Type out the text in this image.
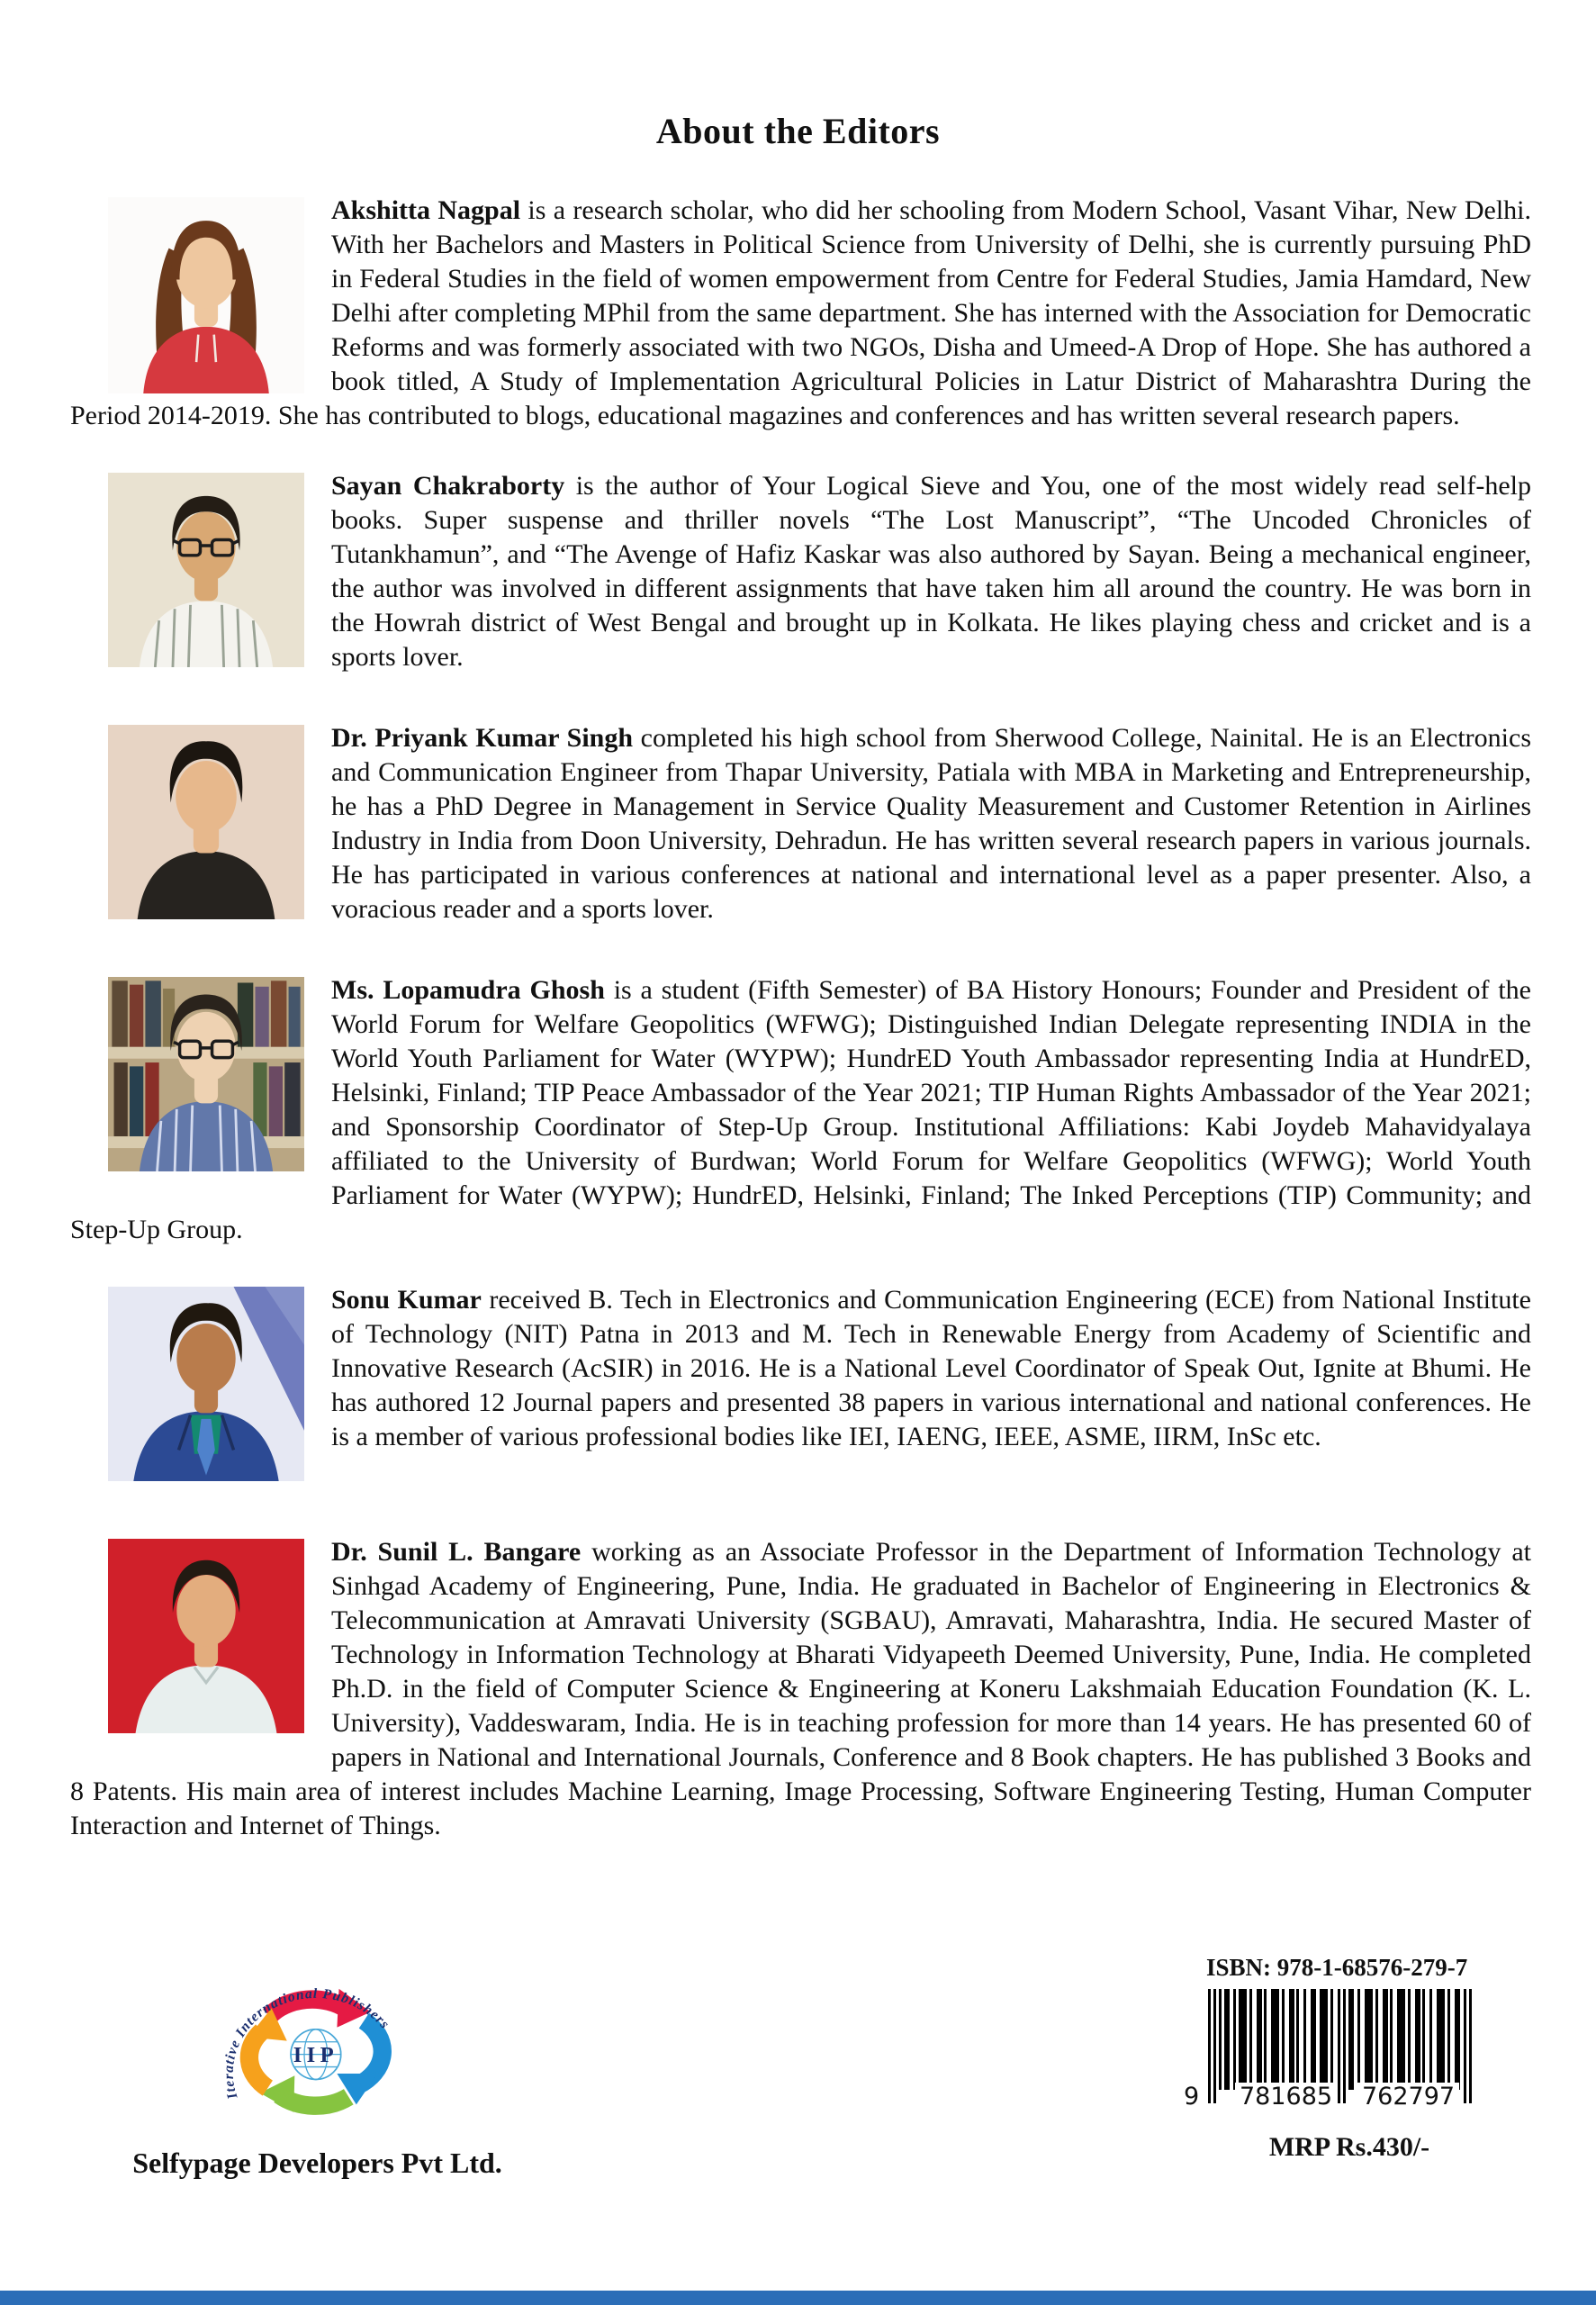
About the Editors

Akshitta Nagpal is a research scholar, who did her schooling from Modern School, Vasant Vihar, New Delhi. With her Bachelors and Masters in Political Science from University of Delhi, she is currently pursuing PhD in Federal Studies in the field of women empowerment from Centre for Federal Studies, Jamia Hamdard, New Delhi after completing MPhil from the same department. She has interned with the Association for Democratic Reforms and was formerly associated with two NGOs, Disha and Umeed-A Drop of Hope. She has authored a book titled, A Study of Implementation Agricultural Policies in Latur District of Maharashtra During the Period 2014-2019. She has contributed to blogs, educational magazines and conferences and has written several research papers.

Sayan Chakraborty is the author of Your Logical Sieve and You, one of the most widely read self-help books. Super suspense and thriller novels “The Lost Manuscript”, “The Uncoded Chronicles of Tutankhamun”, and “The Avenge of Hafiz Kaskar was also authored by Sayan. Being a mechanical engineer, the author was involved in different assignments that have taken him all around the country. He was born in the Howrah district of West Bengal and brought up in Kolkata. He likes playing chess and cricket and is a sports lover.

Dr. Priyank Kumar Singh completed his high school from Sherwood College, Nainital. He is an Electronics and Communication Engineer from Thapar University, Patiala with MBA in Marketing and Entrepreneurship, he has a PhD Degree in Management in Service Quality Measurement and Customer Retention in Airlines Industry in India from Doon University, Dehradun. He has written several research papers in various journals. He has participated in various conferences at national and international level as a paper presenter. Also, a voracious reader and a sports lover.

Ms. Lopamudra Ghosh is a student (Fifth Semester) of BA History Honours; Founder and President of the World Forum for Welfare Geopolitics (WFWG); Distinguished Indian Delegate representing INDIA in the World Youth Parliament for Water (WYPW); HundrED Youth Ambassador representing India at HundrED, Helsinki, Finland; TIP Peace Ambassador of the Year 2021; TIP Human Rights Ambassador of the Year 2021; and Sponsorship Coordinator of Step-Up Group. Institutional Affiliations: Kabi Joydeb Mahavidyalaya affiliated to the University of Burdwan; World Forum for Welfare Geopolitics (WFWG); World Youth Parliament for Water (WYPW); HundrED, Helsinki, Finland; The Inked Perceptions (TIP) Community; and Step-Up Group.

Sonu Kumar received B. Tech in Electronics and Communication Engineering (ECE) from National Institute of Technology (NIT) Patna in 2013 and M. Tech in Renewable Energy from Academy of Scientific and Innovative Research (AcSIR) in 2016. He is a National Level Coordinator of Speak Out, Ignite at Bhumi. He has authored 12 Journal papers and presented 38 papers in various international and national conferences. He is a member of various professional bodies like IEI, IAENG, IEEE, ASME, IIRM, InSc etc.

Dr. Sunil L. Bangare working as an Associate Professor in the Department of Information Technology at Sinhgad Academy of Engineering, Pune, India. He graduated in Bachelor of Engineering in Electronics & Telecommunication at Amravati University (SGBAU), Amravati, Maharashtra, India. He secured Master of Technology in Information Technology at Bharati Vidyapeeth Deemed University, Pune, India. He completed Ph.D. in the field of Computer Science & Engineering at Koneru Lakshmaiah Education Foundation (K. L. University), Vaddeswaram, India. He is in teaching profession for more than 14 years. He has presented 60 of papers in National and International Journals, Conference and 8 Book chapters. He has published 3 Books and 8 Patents. His main area of interest includes Machine Learning, Image Processing, Software Engineering Testing, Human Computer Interaction and Internet of Things.

IIP
Iterative International Publishers
Selfypage Developers Pvt Ltd.
ISBN: 978-1-68576-279-7
9 781685 762797
MRP Rs.430/-
